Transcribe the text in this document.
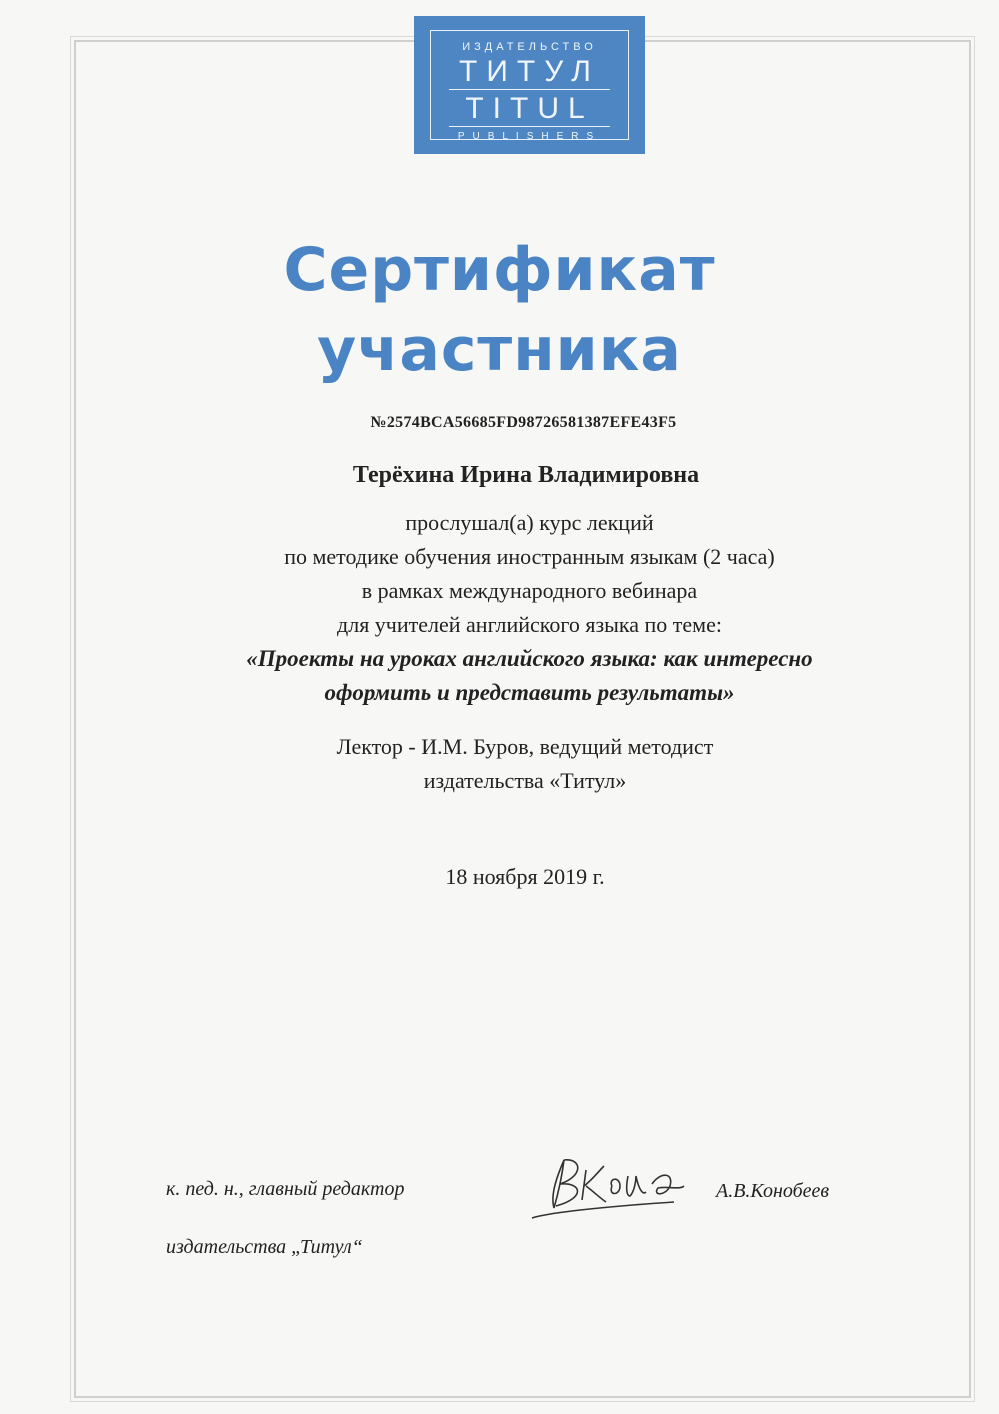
ИЗДАТЕЛЬСТВО
ТИТУЛ
TITUL
PUBLISHERS
Сертификат
участника
№2574BCA56685FD98726581387EFE43F5
Терёхина Ирина Владимировна
прослушал(а) курс лекций
по методике обучения иностранным языкам (2 часа)
в рамках международного вебинара
для учителей английского языка по теме:
«Проекты на уроках английского языка: как интересно
оформить и представить результаты»
Лектор - И.М. Буров, ведущий методист
издательства «Титул»
18 ноября 2019 г.
к. пед. н., главный редактор
издательства „Титул“
А.В.Конобеев
